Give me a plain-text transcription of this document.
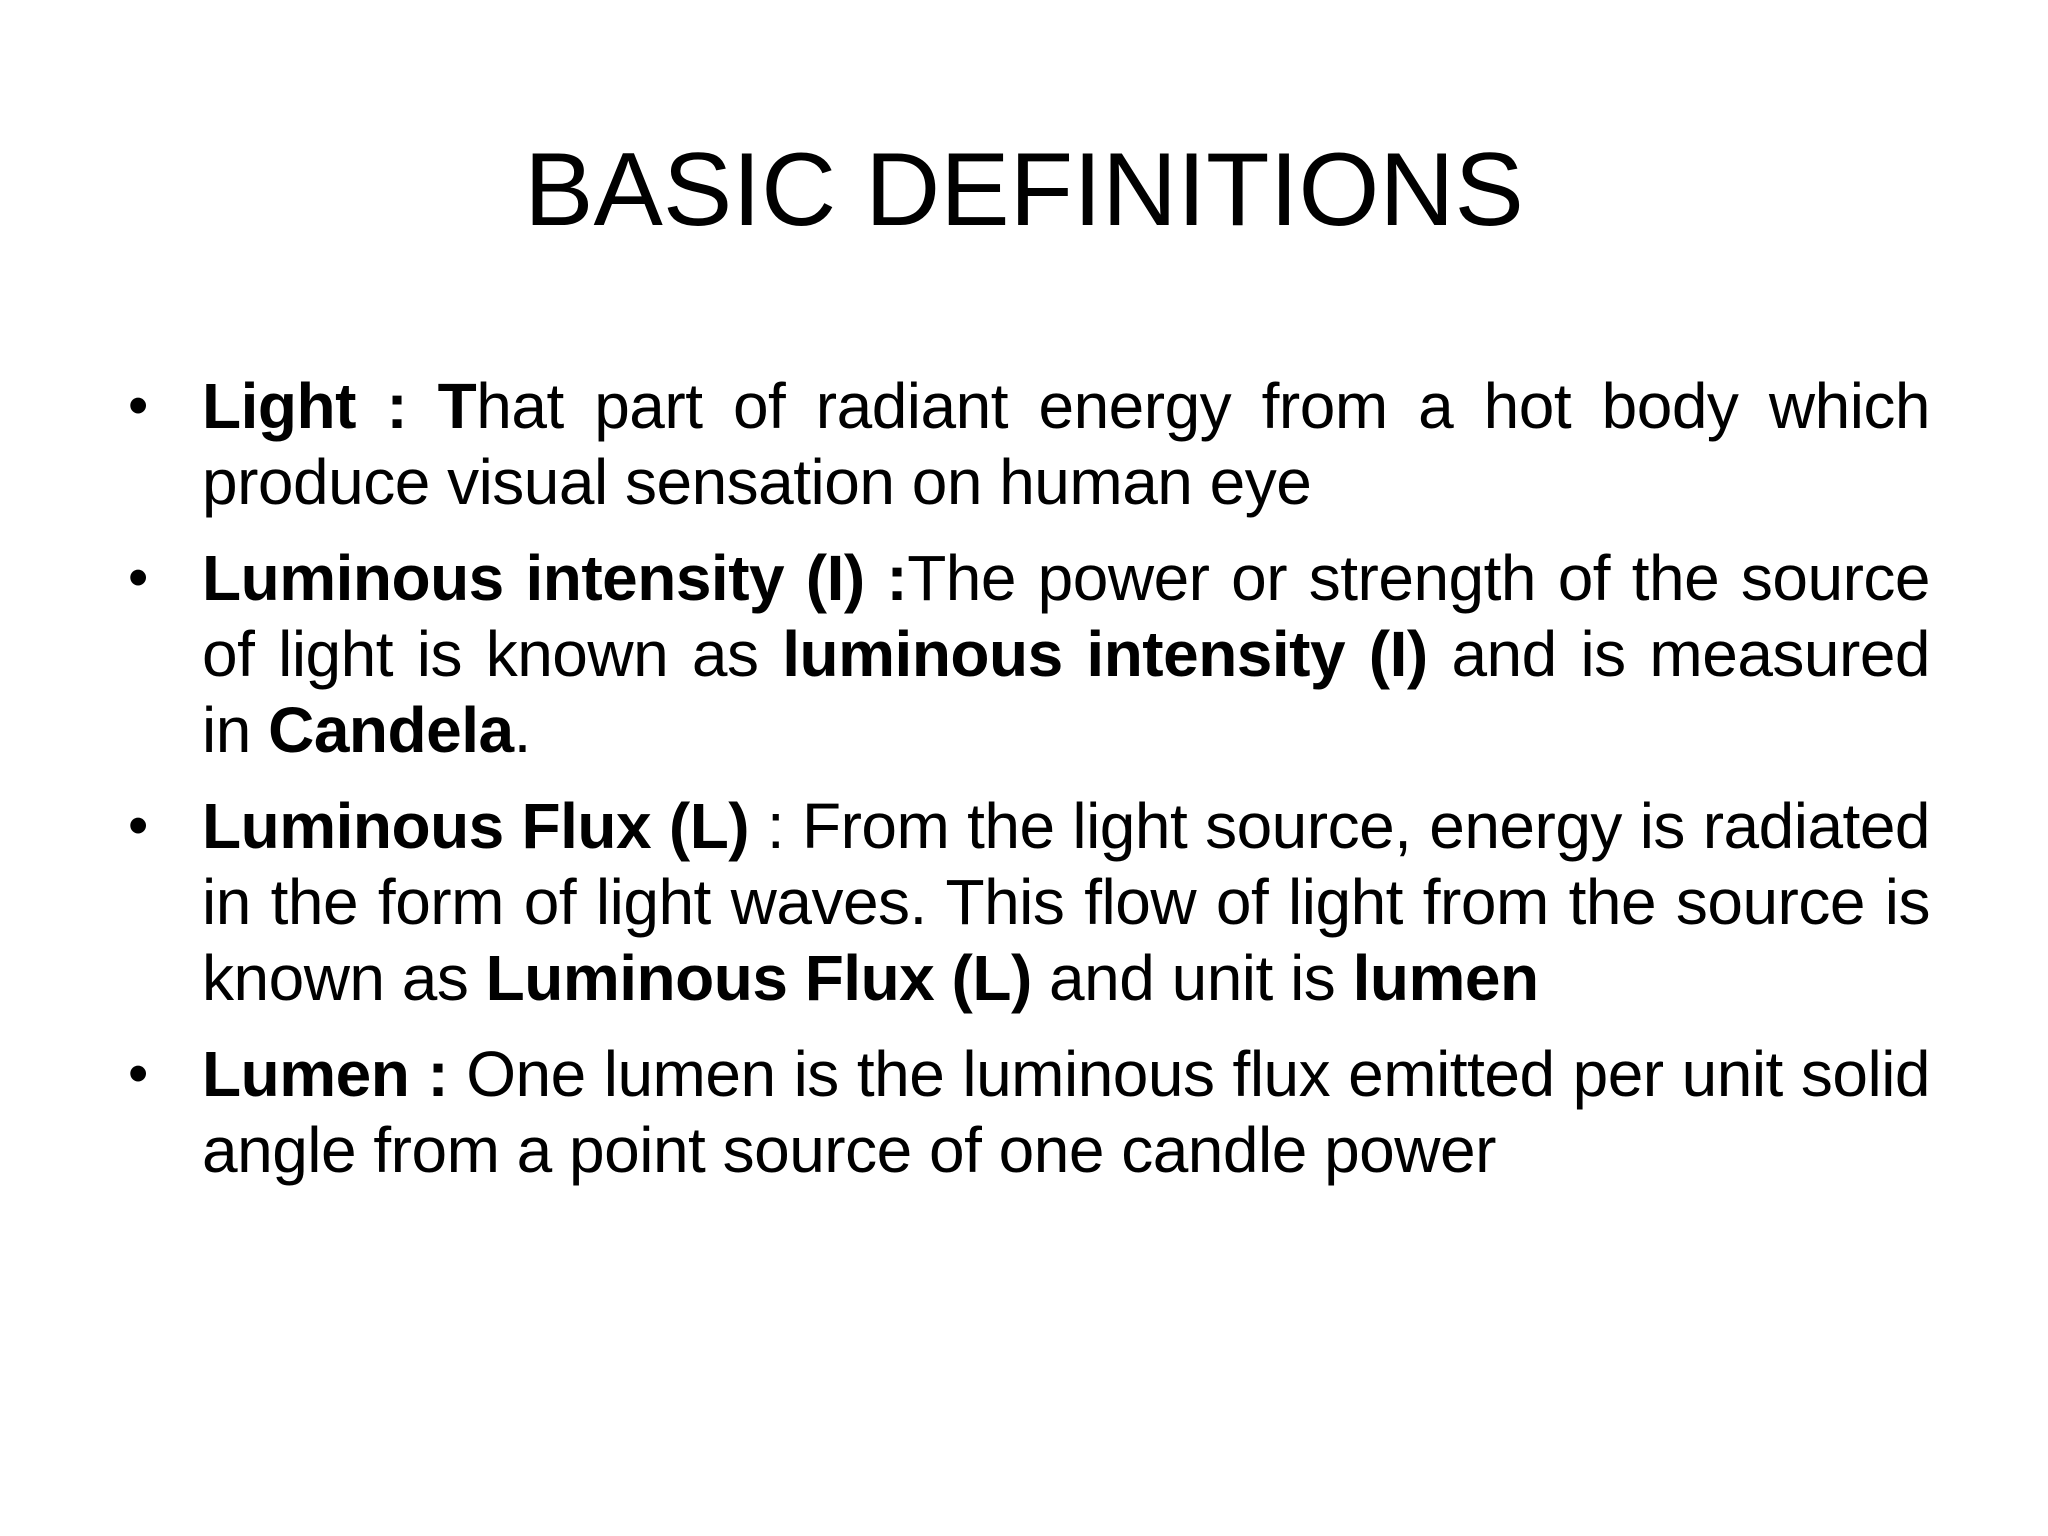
BASIC DEFINITIONS
• Light : That part of radiant energy from a hot body which produce visual sensation on human eye
• Luminous intensity (I) :The power or strength of the source of light is known as luminous intensity (I) and is measured in Candela.
• Luminous Flux (L) : From the light source, energy is radiated in the form of light waves. This flow of light from the source is known as Luminous Flux (L) and unit is lumen
• Lumen : One lumen is the luminous flux emitted per unit solid angle from a point source of one candle power
